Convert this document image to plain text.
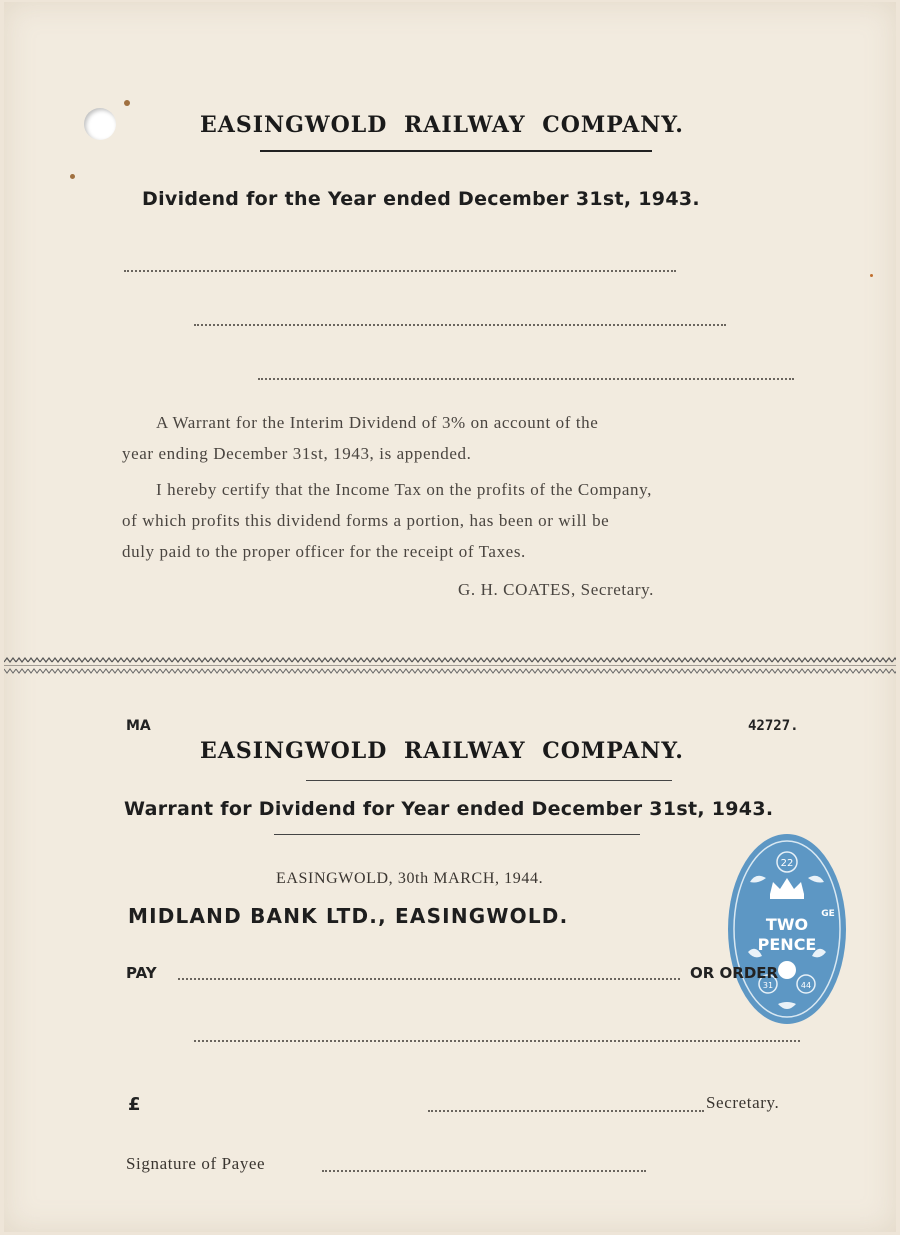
EASINGWOLD RAILWAY COMPANY.
Dividend for the Year ended December 31st, 1943.
A Warrant for the Interim Dividend of 3% on account of the
year ending December 31st, 1943, is appended.
I hereby certify that the Income Tax on the profits of the Company,
of which profits this dividend forms a portion, has been or will be
duly paid to the proper officer for the receipt of Taxes.
G. H. COATES, Secretary.
MA	42727.
EASINGWOLD RAILWAY COMPANY.
Warrant for Dividend for Year ended December 31st, 1943.
EASINGWOLD, 30th MARCH, 1944.
MIDLAND BANK LTD., EASINGWOLD.
PAY	OR ORDER
£	Secretary.
Signature of Payee
22
GE
TWO
PENCE
31	44
